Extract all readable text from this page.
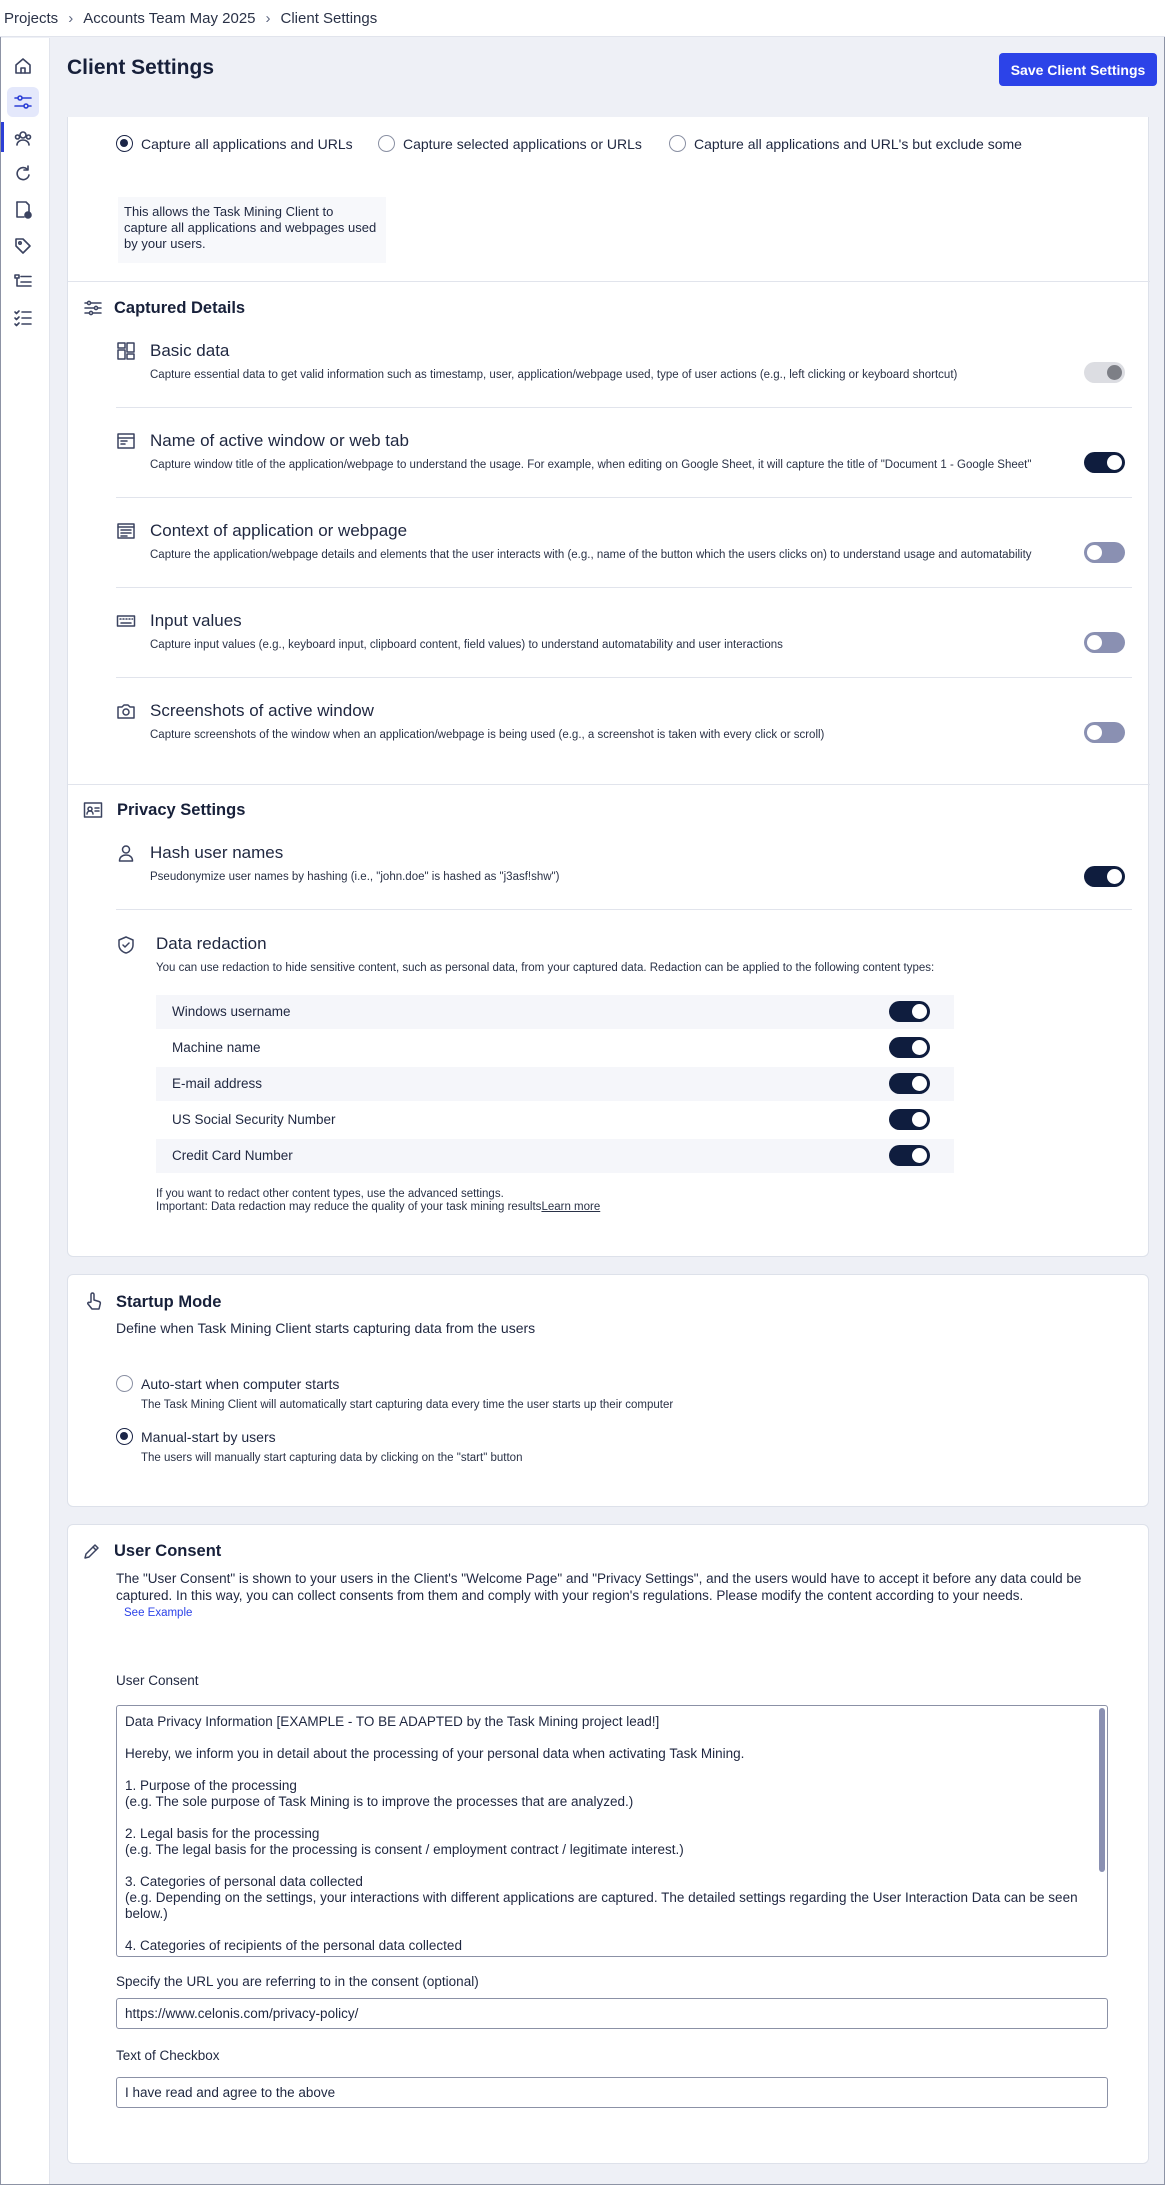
Projects › Accounts Team May 2025 › Client Settings
Client Settings	Save Client Settings
Capture all applications and URLs	Capture selected applications or URLs	Capture all applications and URL's but exclude some
This allows the Task Mining Client to capture all applications and webpages used by your users.
Captured Details
Basic data
Capture essential data to get valid information such as timestamp, user, application/webpage used, type of user actions (e.g., left clicking or keyboard shortcut)
Name of active window or web tab
Capture window title of the application/webpage to understand the usage. For example, when editing on Google Sheet, it will capture the title of "Document 1 - Google Sheet"
Context of application or webpage
Capture the application/webpage details and elements that the user interacts with (e.g., name of the button which the users clicks on) to understand usage and automatability
Input values
Capture input values (e.g., keyboard input, clipboard content, field values) to understand automatability and user interactions
Screenshots of active window
Capture screenshots of the window when an application/webpage is being used (e.g., a screenshot is taken with every click or scroll)
Privacy Settings
Hash user names
Pseudonymize user names by hashing (i.e., "john.doe" is hashed as "j3asf!shw")
Data redaction
You can use redaction to hide sensitive content, such as personal data, from your captured data. Redaction can be applied to the following content types:
Windows username
Machine name
E-mail address
US Social Security Number
Credit Card Number
If you want to redact other content types, use the advanced settings.
Important: Data redaction may reduce the quality of your task mining resultsLearn more
Startup Mode
Define when Task Mining Client starts capturing data from the users
Auto-start when computer starts
The Task Mining Client will automatically start capturing data every time the user starts up their computer
Manual-start by users
The users will manually start capturing data by clicking on the "start" button
User Consent
The "User Consent" is shown to your users in the Client's "Welcome Page" and "Privacy Settings", and the users would have to accept it before any data could be
captured. In this way, you can collect consents from them and comply with your region's regulations. Please modify the content according to your needs.
See Example
User Consent
Data Privacy Information [EXAMPLE - TO BE ADAPTED by the Task Mining project lead!]

Hereby, we inform you in detail about the processing of your personal data when activating Task Mining.

1. Purpose of the processing
(e.g. The sole purpose of Task Mining is to improve the processes that are analyzed.)

2. Legal basis for the processing
(e.g. The legal basis for the processing is consent / employment contract / legitimate interest.)

3. Categories of personal data collected
(e.g. Depending on the settings, your interactions with different applications are captured. The detailed settings regarding the User Interaction Data can be seen below.)

4. Categories of recipients of the personal data collected
Specify the URL you are referring to in the consent (optional)
https://www.celonis.com/privacy-policy/
Text of Checkbox
I have read and agree to the above
